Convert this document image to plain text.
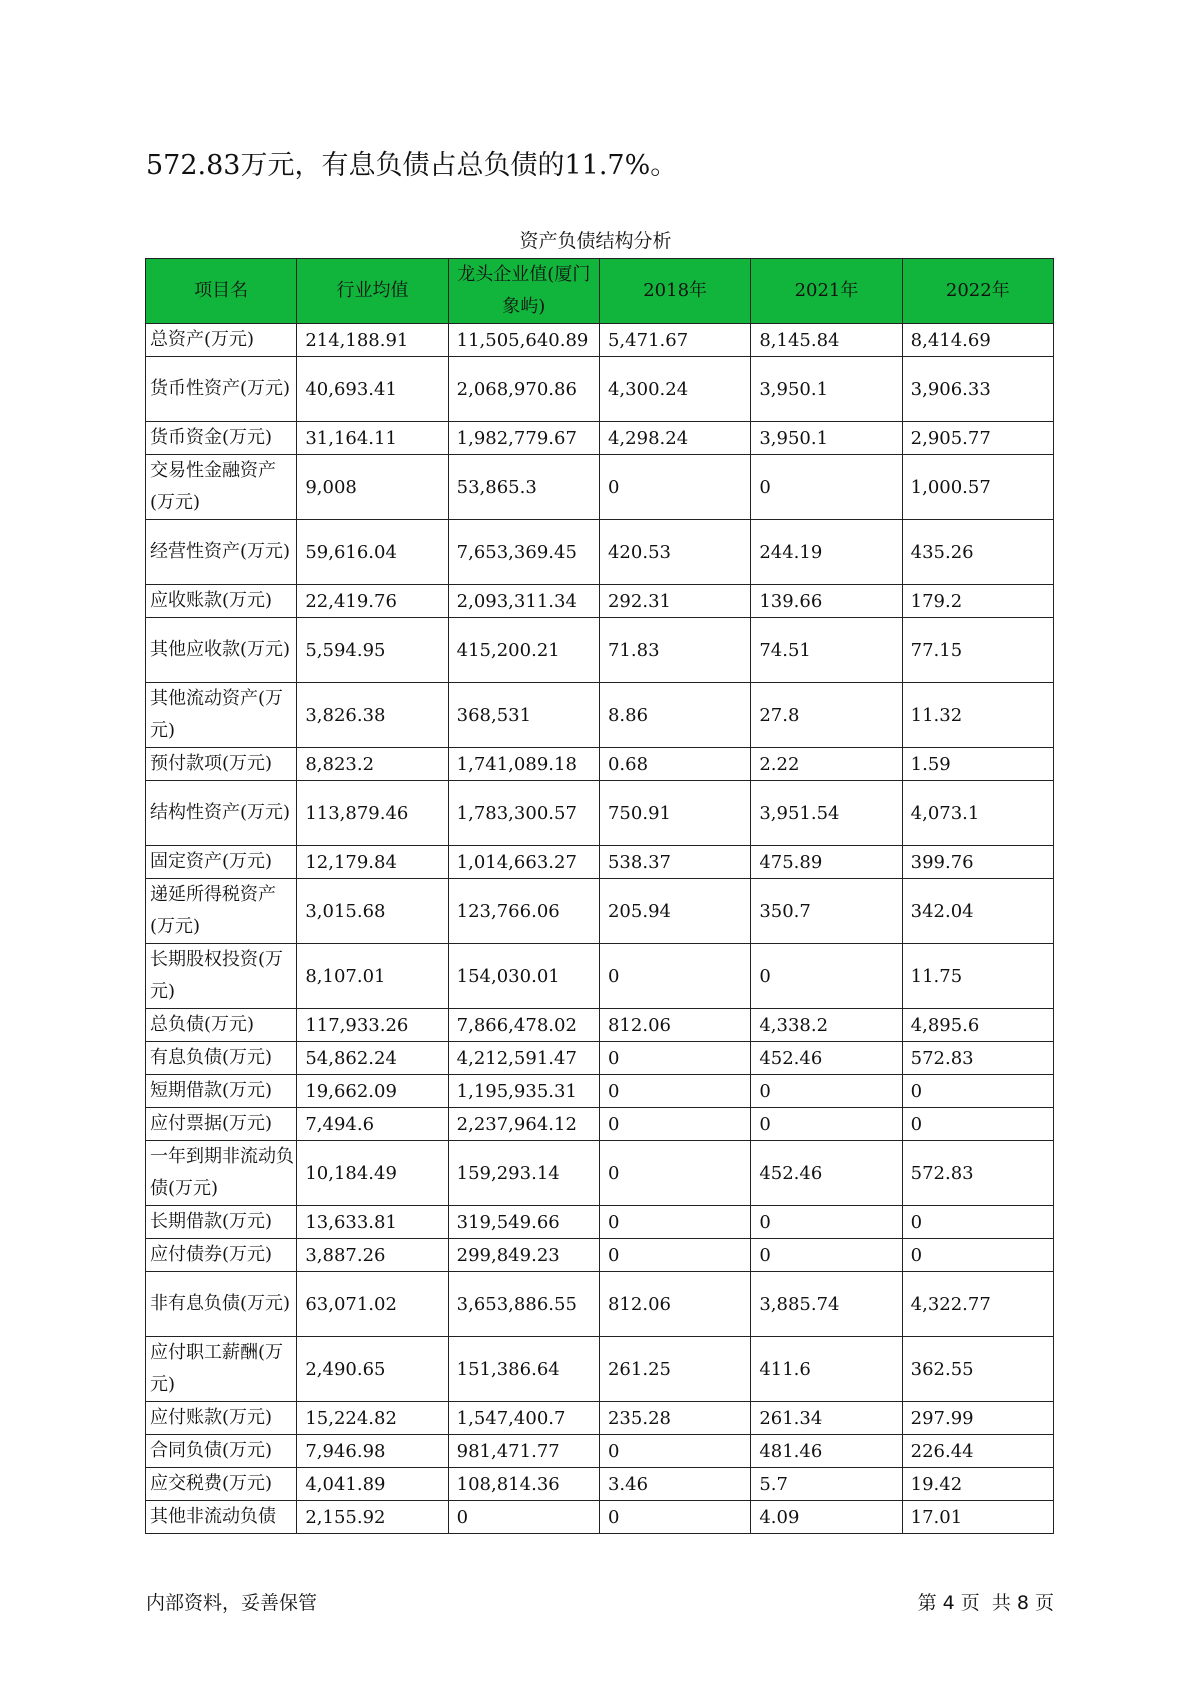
572.83万元，有息负债占总负债的11.7%。
资产负债结构分析
项目名	行业均值	龙头企业值(厦门象屿)	2018年	2021年	2022年
总资产(万元)	214,188.91	11,505,640.89	5,471.67	8,145.84	8,414.69
货币性资产(万元)	40,693.41	2,068,970.86	4,300.24	3,950.1	3,906.33
货币资金(万元)	31,164.11	1,982,779.67	4,298.24	3,950.1	2,905.77
交易性金融资产(万元)	9,008	53,865.3	0	0	1,000.57
经营性资产(万元)	59,616.04	7,653,369.45	420.53	244.19	435.26
应收账款(万元)	22,419.76	2,093,311.34	292.31	139.66	179.2
其他应收款(万元)	5,594.95	415,200.21	71.83	74.51	77.15
其他流动资产(万元)	3,826.38	368,531	8.86	27.8	11.32
预付款项(万元)	8,823.2	1,741,089.18	0.68	2.22	1.59
结构性资产(万元)	113,879.46	1,783,300.57	750.91	3,951.54	4,073.1
固定资产(万元)	12,179.84	1,014,663.27	538.37	475.89	399.76
递延所得税资产(万元)	3,015.68	123,766.06	205.94	350.7	342.04
长期股权投资(万元)	8,107.01	154,030.01	0	0	11.75
总负债(万元)	117,933.26	7,866,478.02	812.06	4,338.2	4,895.6
有息负债(万元)	54,862.24	4,212,591.47	0	452.46	572.83
短期借款(万元)	19,662.09	1,195,935.31	0	0	0
应付票据(万元)	7,494.6	2,237,964.12	0	0	0
一年到期非流动负债(万元)	10,184.49	159,293.14	0	452.46	572.83
长期借款(万元)	13,633.81	319,549.66	0	0	0
应付债券(万元)	3,887.26	299,849.23	0	0	0
非有息负债(万元)	63,071.02	3,653,886.55	812.06	3,885.74	4,322.77
应付职工薪酬(万元)	2,490.65	151,386.64	261.25	411.6	362.55
应付账款(万元)	15,224.82	1,547,400.7	235.28	261.34	297.99
合同负债(万元)	7,946.98	981,471.77	0	481.46	226.44
应交税费(万元)	4,041.89	108,814.36	3.46	5.7	19.42
其他非流动负债	2,155.92	0	0	4.09	17.01
内部资料，妥善保管	第 4 页  共 8 页
